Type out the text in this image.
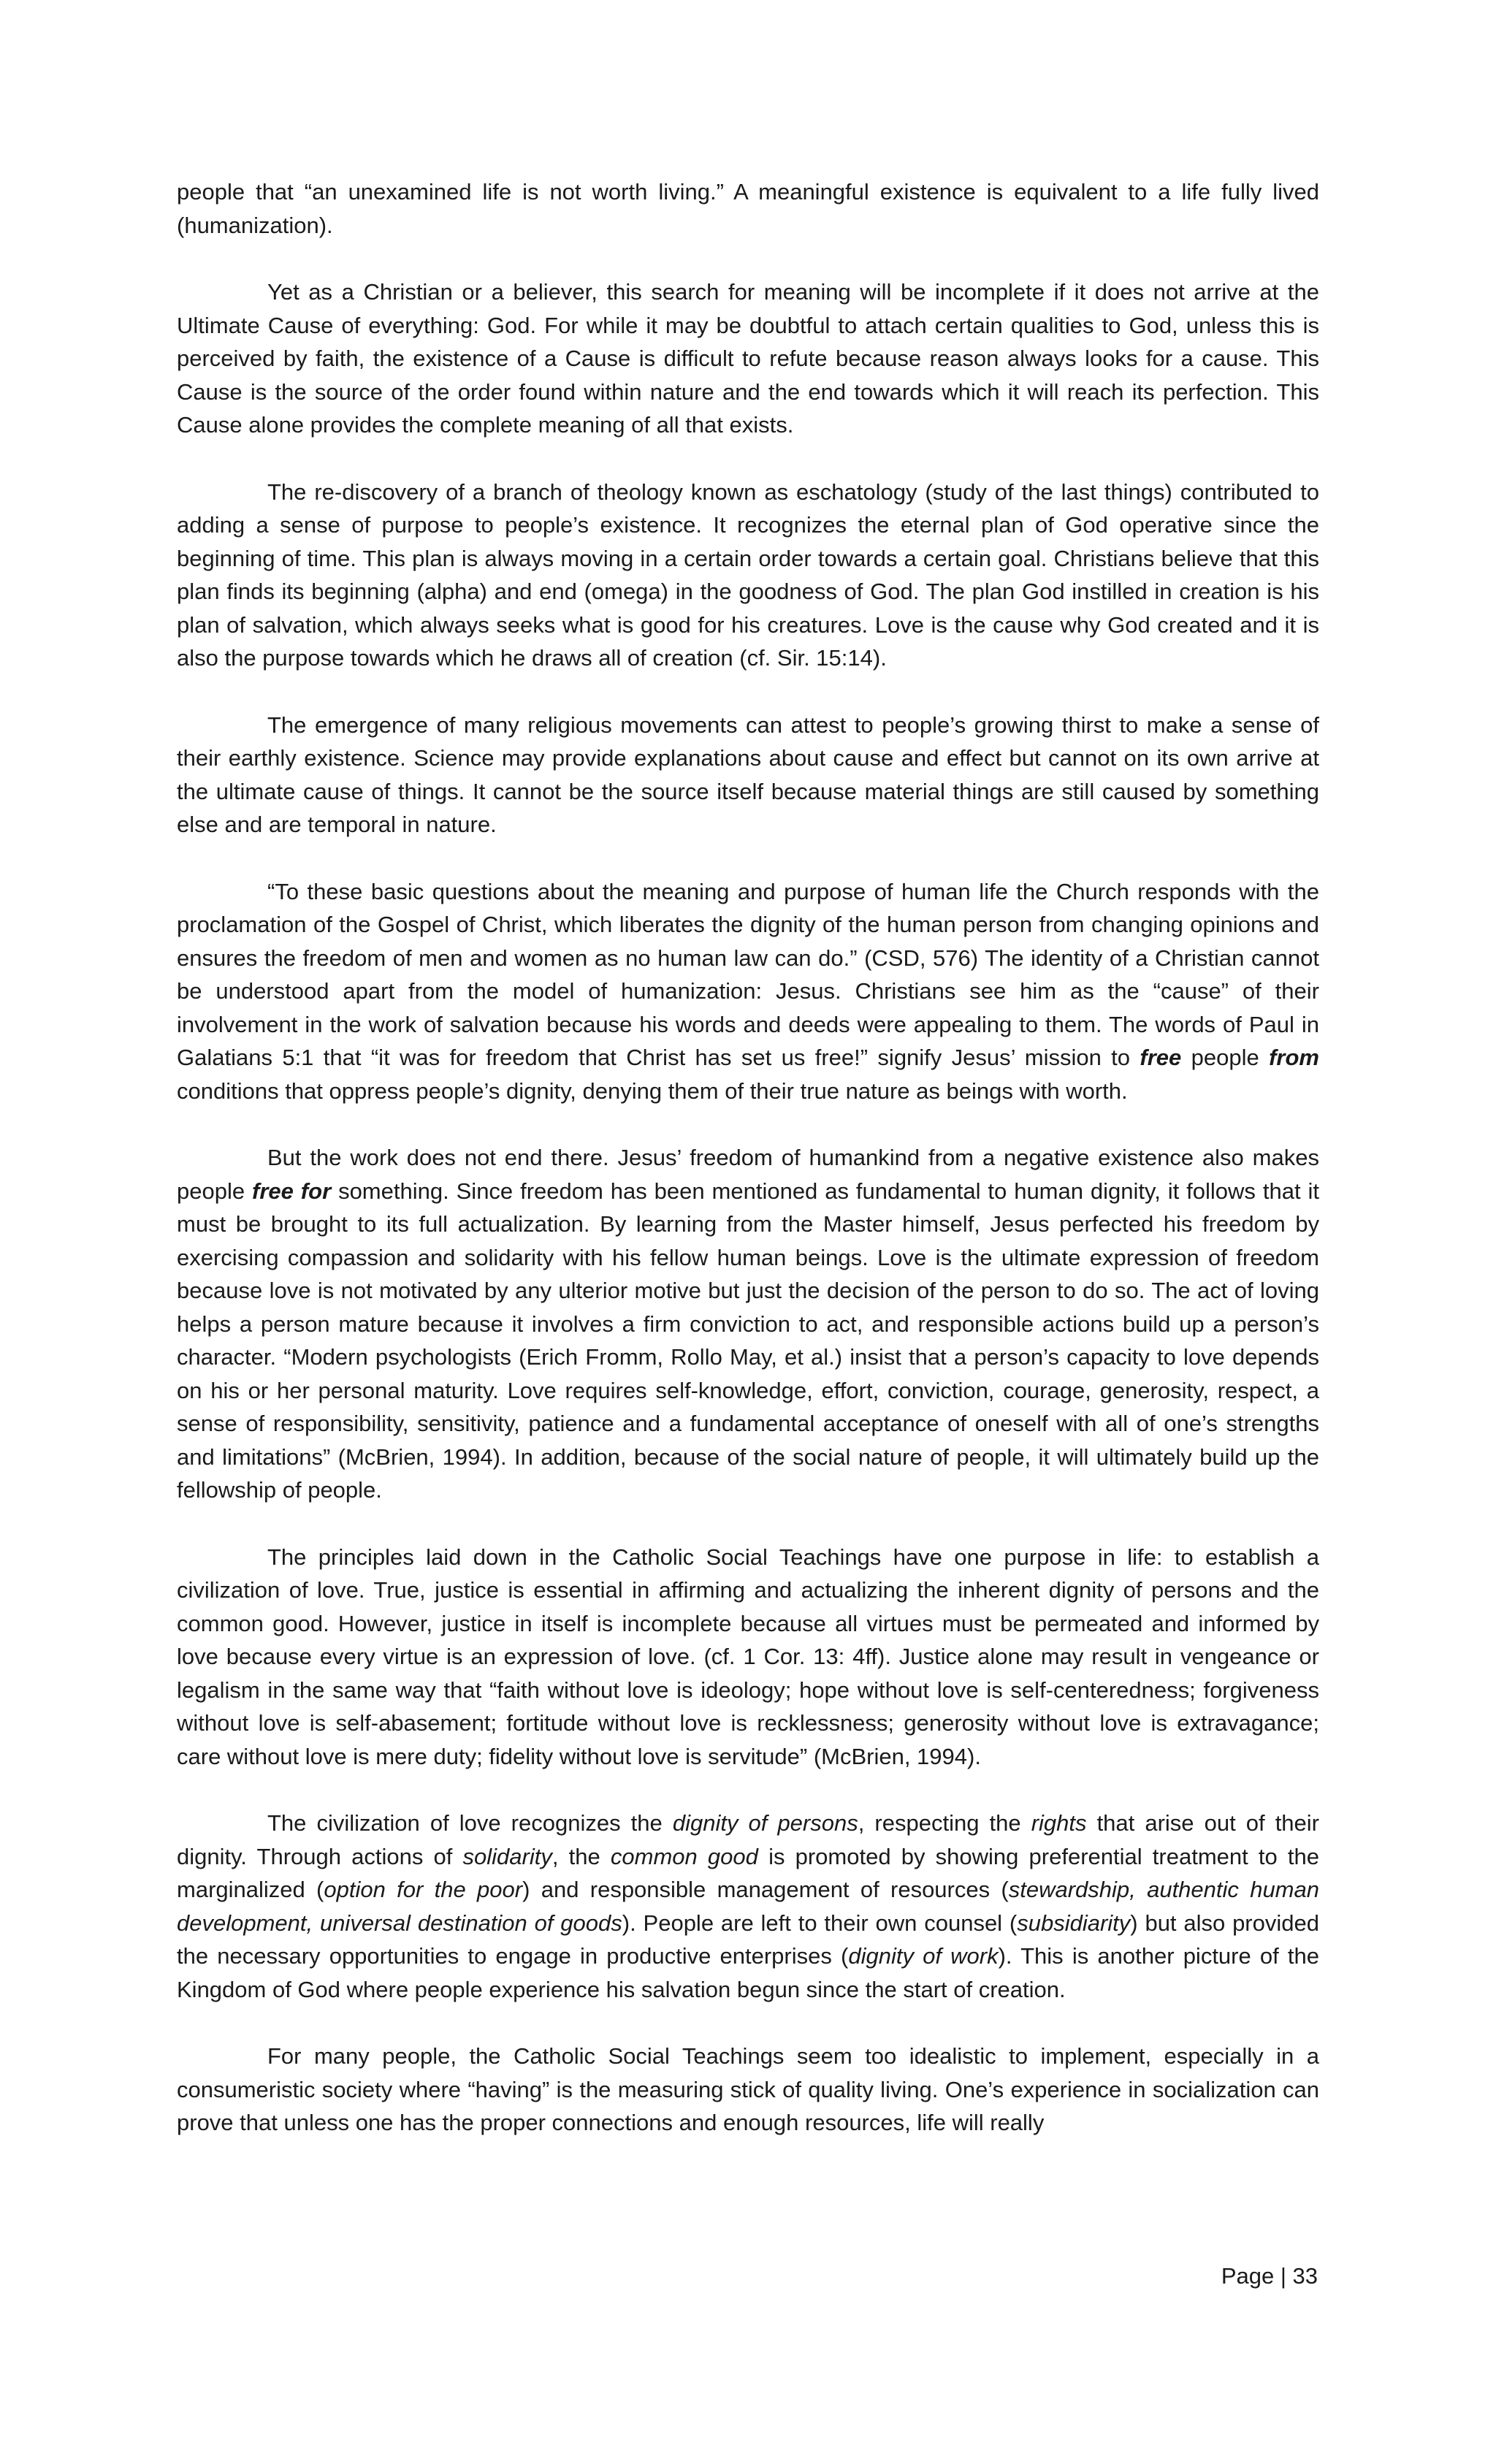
people that “an unexamined life is not worth living.” A meaningful existence is equivalent to a life fully lived (humanization).

Yet as a Christian or a believer, this search for meaning will be incomplete if it does not arrive at the Ultimate Cause of everything: God. For while it may be doubtful to attach certain qualities to God, unless this is perceived by faith, the existence of a Cause is difficult to refute because reason always looks for a cause. This Cause is the source of the order found within nature and the end towards which it will reach its perfection. This Cause alone provides the complete meaning of all that exists.

The re-discovery of a branch of theology known as eschatology (study of the last things) contributed to adding a sense of purpose to people’s existence. It recognizes the eternal plan of God operative since the beginning of time. This plan is always moving in a certain order towards a certain goal. Christians believe that this plan finds its beginning (alpha) and end (omega) in the goodness of God. The plan God instilled in creation is his plan of salvation, which always seeks what is good for his creatures. Love is the cause why God created and it is also the purpose towards which he draws all of creation (cf. Sir. 15:14).

The emergence of many religious movements can attest to people’s growing thirst to make a sense of their earthly existence. Science may provide explanations about cause and effect but cannot on its own arrive at the ultimate cause of things. It cannot be the source itself because material things are still caused by something else and are temporal in nature.

“To these basic questions about the meaning and purpose of human life the Church responds with the proclamation of the Gospel of Christ, which liberates the dignity of the human person from changing opinions and ensures the freedom of men and women as no human law can do.” (CSD, 576) The identity of a Christian cannot be understood apart from the model of humanization: Jesus. Christians see him as the “cause” of their involvement in the work of salvation because his words and deeds were appealing to them. The words of Paul in Galatians 5:1 that “it was for freedom that Christ has set us free!” signify Jesus’ mission to free people from conditions that oppress people’s dignity, denying them of their true nature as beings with worth.

But the work does not end there. Jesus’ freedom of humankind from a negative existence also makes people free for something. Since freedom has been mentioned as fundamental to human dignity, it follows that it must be brought to its full actualization. By learning from the Master himself, Jesus perfected his freedom by exercising compassion and solidarity with his fellow human beings. Love is the ultimate expression of freedom because love is not motivated by any ulterior motive but just the decision of the person to do so. The act of loving helps a person mature because it involves a firm conviction to act, and responsible actions build up a person’s character. “Modern psychologists (Erich Fromm, Rollo May, et al.) insist that a person’s capacity to love depends on his or her personal maturity. Love requires self-knowledge, effort, conviction, courage, generosity, respect, a sense of responsibility, sensitivity, patience and a fundamental acceptance of oneself with all of one’s strengths and limitations” (McBrien, 1994). In addition, because of the social nature of people, it will ultimately build up the fellowship of people.

The principles laid down in the Catholic Social Teachings have one purpose in life: to establish a civilization of love. True, justice is essential in affirming and actualizing the inherent dignity of persons and the common good. However, justice in itself is incomplete because all virtues must be permeated and informed by love because every virtue is an expression of love. (cf. 1 Cor. 13: 4ff). Justice alone may result in vengeance or legalism in the same way that “faith without love is ideology; hope without love is self-centeredness; forgiveness without love is self-abasement; fortitude without love is recklessness; generosity without love is extravagance; care without love is mere duty; fidelity without love is servitude” (McBrien, 1994).

The civilization of love recognizes the dignity of persons, respecting the rights that arise out of their dignity. Through actions of solidarity, the common good is promoted by showing preferential treatment to the marginalized (option for the poor) and responsible management of resources (stewardship, authentic human development, universal destination of goods). People are left to their own counsel (subsidiarity) but also provided the necessary opportunities to engage in productive enterprises (dignity of work). This is another picture of the Kingdom of God where people experience his salvation begun since the start of creation.

For many people, the Catholic Social Teachings seem too idealistic to implement, especially in a consumeristic society where “having” is the measuring stick of quality living. One’s experience in socialization can prove that unless one has the proper connections and enough resources, life will really

Page | 33
